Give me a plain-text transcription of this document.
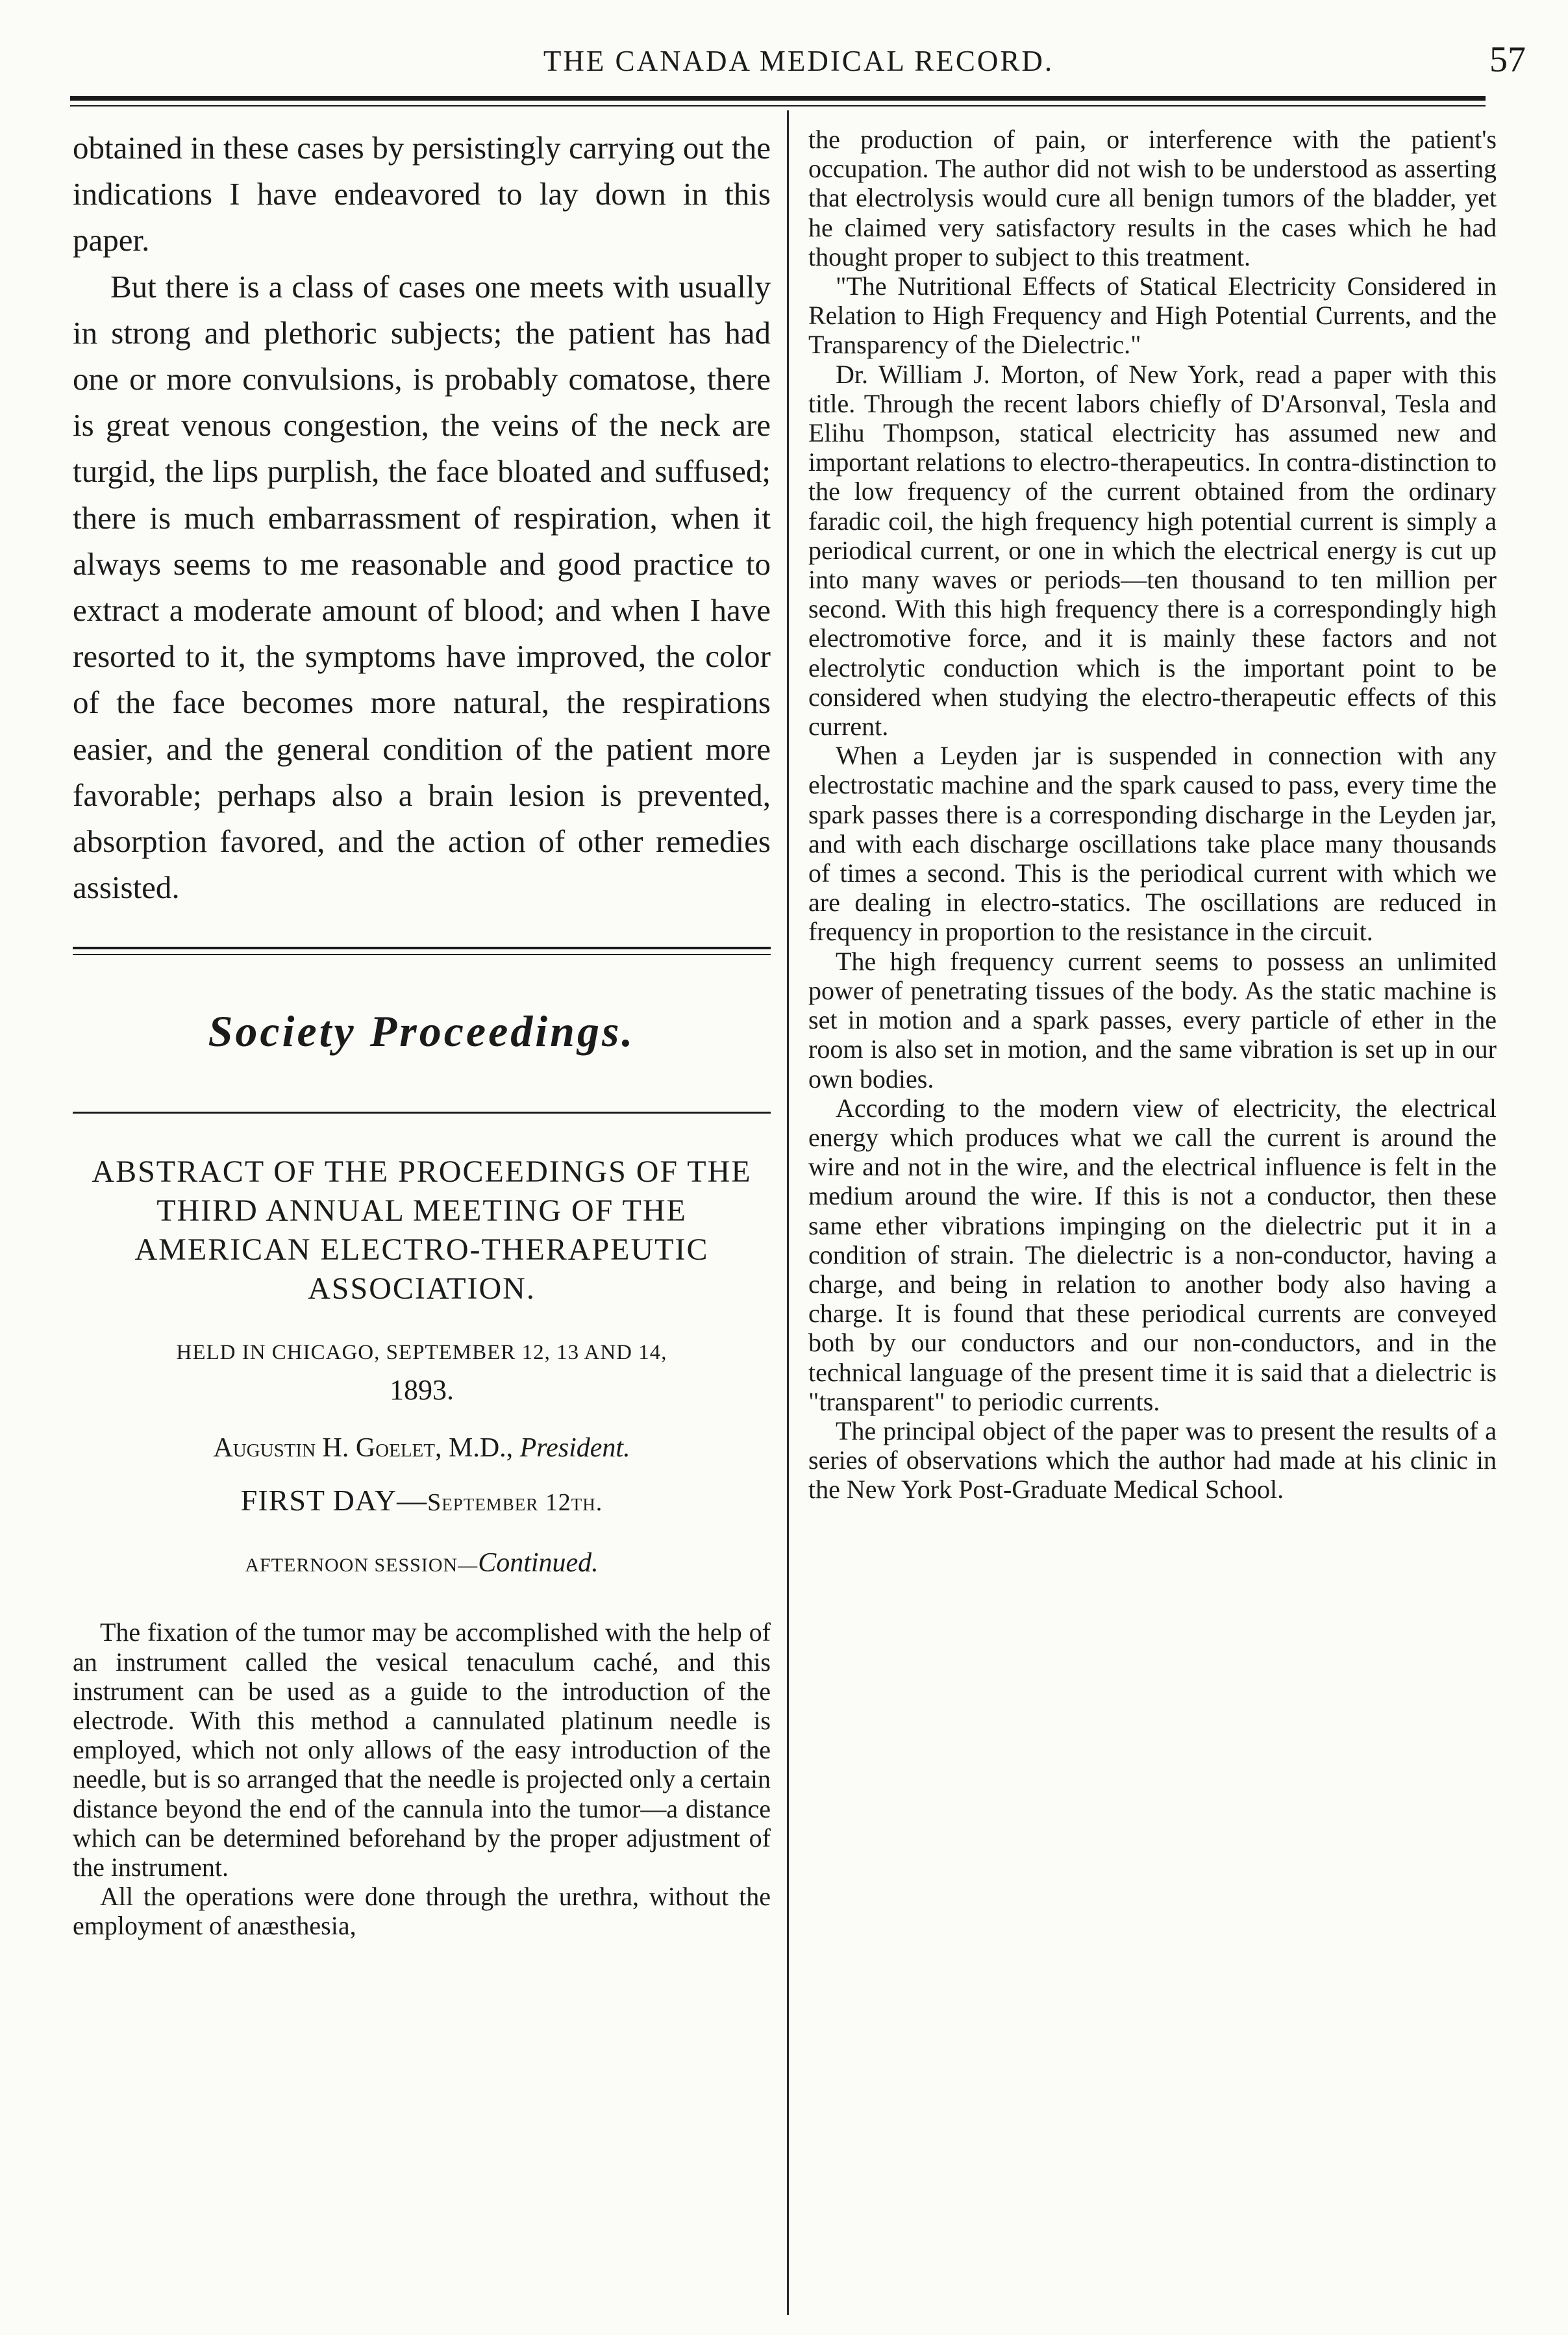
THE CANADA MEDICAL RECORD.	57

obtained in these cases by persistingly carrying out the indications I have endeavored to lay down in this paper.

But there is a class of cases one meets with usually in strong and plethoric subjects; the patient has had one or more convulsions, is probably comatose, there is great venous congestion, the veins of the neck are turgid, the lips purplish, the face bloated and suffused; there is much embarrassment of respiration, when it always seems to me reasonable and good practice to extract a moderate amount of blood; and when I have resorted to it, the symptoms have improved, the color of the face becomes more natural, the respirations easier, and the general condition of the patient more favorable; perhaps also a brain lesion is prevented, absorption favored, and the action of other remedies assisted.

Society Proceedings.
ABSTRACT OF THE PROCEEDINGS OF THE THIRD ANNUAL MEETING OF THE AMERICAN ELECTRO-THERAPEUTIC ASSOCIATION.
HELD IN CHICAGO, SEPTEMBER 12, 13 AND 14,
1893.
Augustin H. Goelet, M.D., President.
FIRST DAY—September 12th.
AFTERNOON SESSION—Continued.

The fixation of the tumor may be accomplished with the help of an instrument called the vesical tenaculum caché, and this instrument can be used as a guide to the introduction of the electrode. With this method a cannulated platinum needle is employed, which not only allows of the easy introduction of the needle, but is so arranged that the needle is projected only a certain distance beyond the end of the cannula into the tumor—a distance which can be determined beforehand by the proper adjustment of the instrument.

All the operations were done through the urethra, without the employment of anæsthesia,

the production of pain, or interference with the patient's occupation. The author did not wish to be understood as asserting that electrolysis would cure all benign tumors of the bladder, yet he claimed very satisfactory results in the cases which he had thought proper to subject to this treatment.

"The Nutritional Effects of Statical Electricity Considered in Relation to High Frequency and High Potential Currents, and the Transparency of the Dielectric."

Dr. William J. Morton, of New York, read a paper with this title. Through the recent labors chiefly of D'Arsonval, Tesla and Elihu Thompson, statical electricity has assumed new and important relations to electro-therapeutics. In contra-distinction to the low frequency of the current obtained from the ordinary faradic coil, the high frequency high potential current is simply a periodical current, or one in which the electrical energy is cut up into many waves or periods—ten thousand to ten million per second. With this high frequency there is a correspondingly high electromotive force, and it is mainly these factors and not electrolytic conduction which is the important point to be considered when studying the electro-therapeutic effects of this current.

When a Leyden jar is suspended in connection with any electrostatic machine and the spark caused to pass, every time the spark passes there is a corresponding discharge in the Leyden jar, and with each discharge oscillations take place many thousands of times a second. This is the periodical current with which we are dealing in electro-statics. The oscillations are reduced in frequency in proportion to the resistance in the circuit.

The high frequency current seems to possess an unlimited power of penetrating tissues of the body. As the static machine is set in motion and a spark passes, every particle of ether in the room is also set in motion, and the same vibration is set up in our own bodies.

According to the modern view of electricity, the electrical energy which produces what we call the current is around the wire and not in the wire, and the electrical influence is felt in the medium around the wire. If this is not a conductor, then these same ether vibrations impinging on the dielectric put it in a condition of strain. The dielectric is a non-conductor, having a charge, and being in relation to another body also having a charge. It is found that these periodical currents are conveyed both by our conductors and our non-conductors, and in the technical language of the present time it is said that a dielectric is "transparent" to periodic currents.

The principal object of the paper was to present the results of a series of observations which the author had made at his clinic in the New York Post-Graduate Medical School.
